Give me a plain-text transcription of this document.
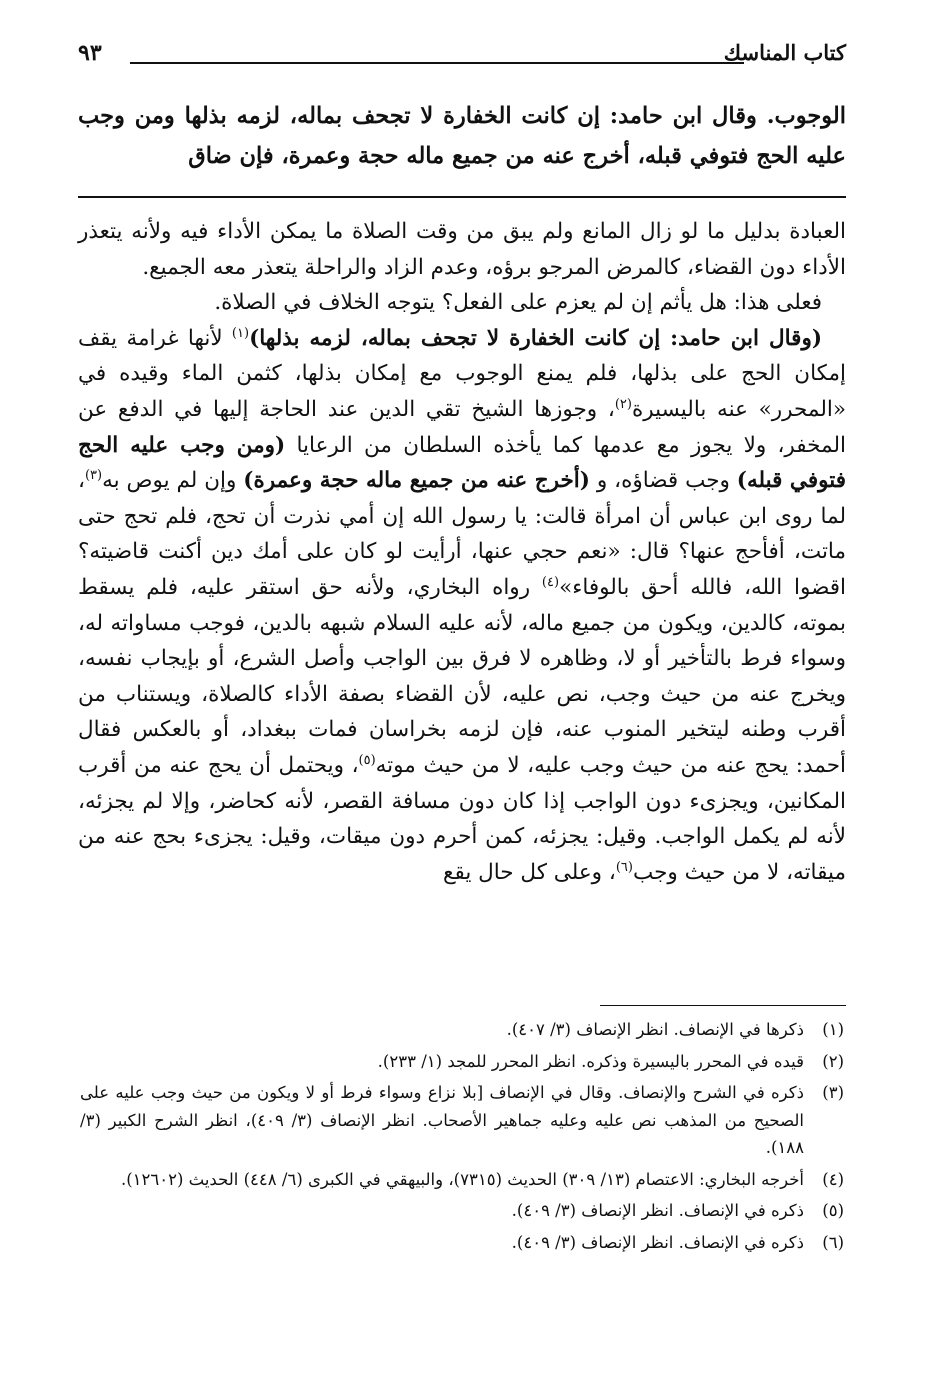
كتاب المناسك
٩٣
الوجوب. وقال ابن حامد: إن كانت الخفارة لا تجحف بماله، لزمه بذلها ومن وجب عليه الحج فتوفي قبله، أخرج عنه من جميع ماله حجة وعمرة، فإن ضاق

العبادة بدليل ما لو زال المانع ولم يبق من وقت الصلاة ما يمكن الأداء فيه ولأنه يتعذر الأداء دون القضاء، كالمرض المرجو برؤه، وعدم الزاد والراحلة يتعذر معه الجميع.

فعلى هذا: هل يأثم إن لم يعزم على الفعل؟ يتوجه الخلاف في الصلاة.

(وقال ابن حامد: إن كانت الخفارة لا تجحف بماله، لزمه بذلها)$^{(١)}$ لأنها غرامة يقف إمكان الحج على بذلها، فلم يمنع الوجوب مع إمكان بذلها، كثمن الماء وقيده في «المحرر» عنه باليسيرة$^{(٢)}$، وجوزها الشيخ تقي الدين عند الحاجة إليها في الدفع عن المخفر، ولا يجوز مع عدمها كما يأخذه السلطان من الرعايا (ومن وجب عليه الحج فتوفي قبله) وجب قضاؤه، و (أخرج عنه من جميع ماله حجة وعمرة) وإن لم يوص به$^{(٣)}$، لما روى ابن عباس أن امرأة قالت: يا رسول الله إن أمي نذرت أن تحج، فلم تحج حتى ماتت، أفأحج عنها؟ قال: «نعم حجي عنها، أرأيت لو كان على أمك دين أكنت قاضيته؟ اقضوا الله، فالله أحق بالوفاء»$^{(٤)}$ رواه البخاري، ولأنه حق استقر عليه، فلم يسقط بموته، كالدين، ويكون من جميع ماله، لأنه عليه السلام شبهه بالدين، فوجب مساواته له، وسواء فرط بالتأخير أو لا، وظاهره لا فرق بين الواجب وأصل الشرع، أو بإيجاب نفسه، ويخرج عنه من حيث وجب، نص عليه، لأن القضاء بصفة الأداء كالصلاة، ويستناب من أقرب وطنه ليتخير المنوب عنه، فإن لزمه بخراسان فمات ببغداد، أو بالعكس فقال أحمد: يحج عنه من حيث وجب عليه، لا من حيث موته$^{(٥)}$، ويحتمل أن يحج عنه من أقرب المكانين، ويجزىء دون الواجب إذا كان دون مسافة القصر، لأنه كحاضر، وإلا لم يجزئه، لأنه لم يكمل الواجب. وقيل: يجزئه، كمن أحرم دون ميقات، وقيل: يجزىء بحج عنه من ميقاته، لا من حيث وجب$^{(٦)}$، وعلى كل حال يقع

(١)
ذكرها في الإنصاف. انظر الإنصاف (٣/ ٤٠٧).
(٢)
قيده في المحرر باليسيرة وذكره. انظر المحرر للمجد (١/ ٢٣٣).
(٣)
ذكره في الشرح والإنصاف. وقال في الإنصاف [بلا نزاع وسواء فرط أو لا ويكون من حيث وجب عليه على الصحيح من المذهب نص عليه وعليه جماهير الأصحاب. انظر الإنصاف (٣/ ٤٠٩)، انظر الشرح الكبير (٣/ ١٨٨).
(٤)
أخرجه البخاري: الاعتصام (١٣/ ٣٠٩) الحديث (٧٣١٥)، والبيهقي في الكبرى (٦/ ٤٤٨) الحديث (١٢٦٠٢).
(٥)
ذكره في الإنصاف. انظر الإنصاف (٣/ ٤٠٩).
(٦)
ذكره في الإنصاف. انظر الإنصاف (٣/ ٤٠٩).
